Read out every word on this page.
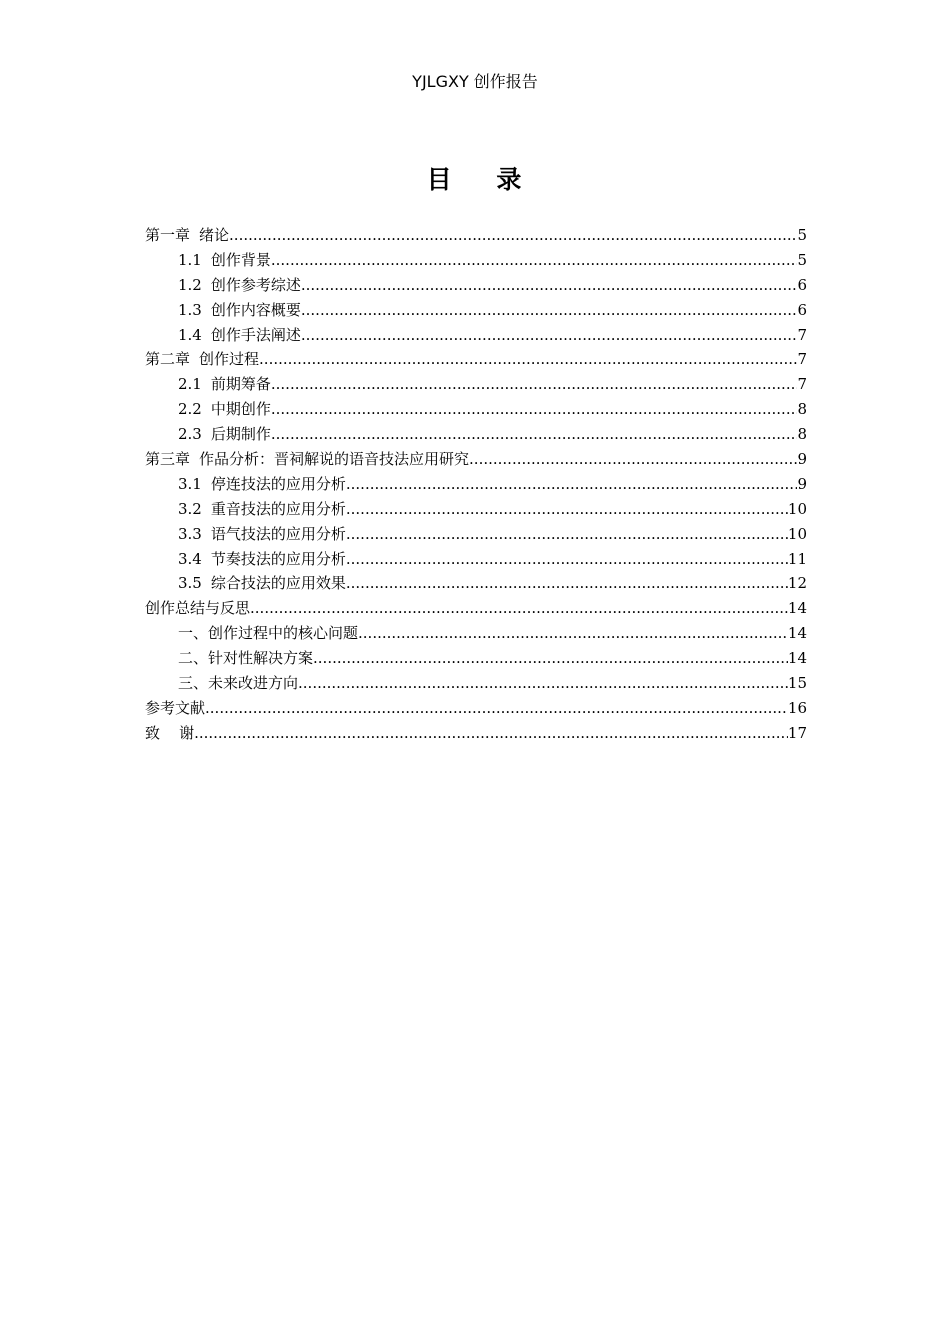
YJLGXY 创作报告
目    录
第一章 绪论 .....	5
1.1 创作背景 .....	5
1.2 创作参考综述 .....	6
1.3 创作内容概要 .....	6
1.4 创作手法阐述 .....	7
第二章 创作过程 .....	7
2.1 前期筹备 .....	7
2.2 中期创作 .....	8
2.3 后期制作 .....	8
第三章 作品分析：晋祠解说的语音技法应用研究 .....	9
3.1 停连技法的应用分析 .....	9
3.2 重音技法的应用分析 .....	10
3.3 语气技法的应用分析 .....	10
3.4 节奏技法的应用分析 .....	11
3.5 综合技法的应用效果 .....	12
创作总结与反思 .....	14
一、创作过程中的核心问题 .....	14
二、针对性解决方案 .....	14
三、未来改进方向 .....	15
参考文献 .....	16
致    谢 .....	17
